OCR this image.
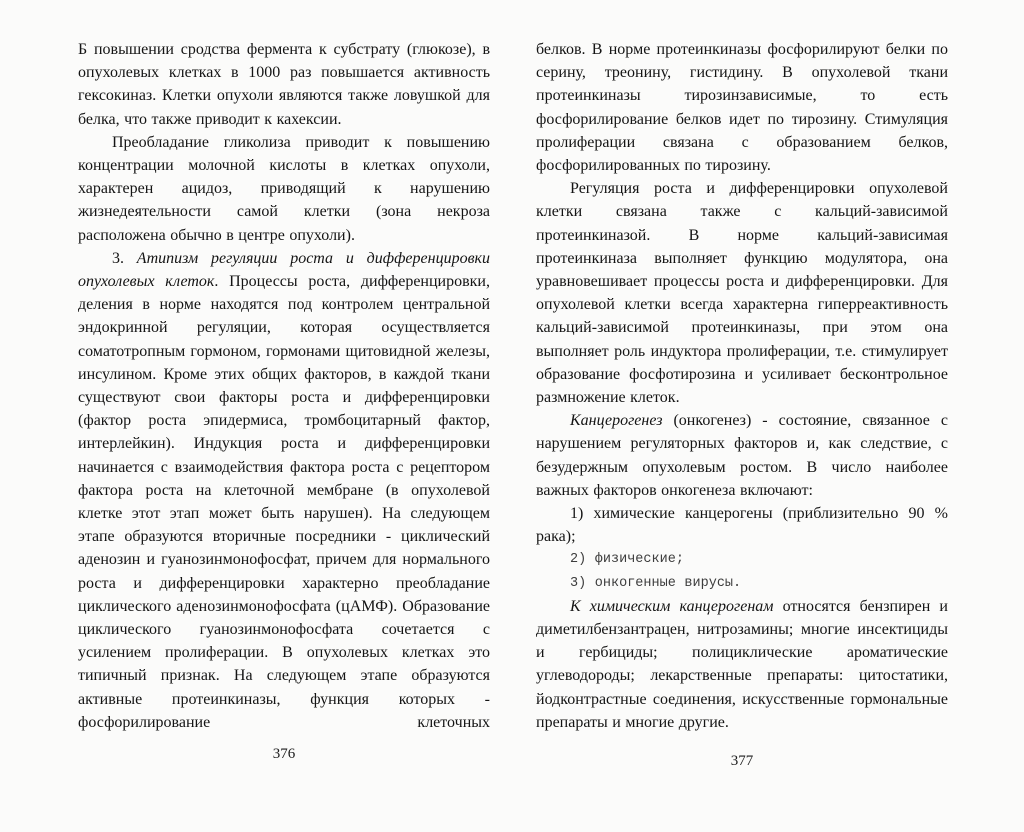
Б повышении сродства фермента к субстрату (глюкозе), в опухолевых клетках в 1000 раз повышается активность гексокиназ. Клетки опухоли являются также ловушкой для белка, что также приводит к кахексии.

Преобладание гликолиза приводит к повышению концентрации молочной кислоты в клетках опухоли, характерен ацидоз, приводящий к нарушению жизнедеятельности самой клетки (зона некроза расположена обычно в центре опухоли).

3. Атипизм регуляции роста и дифференцировки опухолевых клеток. Процессы роста, дифференцировки, деления в норме находятся под контролем центральной эндокринной регуляции, которая осуществляется соматотропным гормоном, гормонами щитовидной железы, инсулином. Кроме этих общих факторов, в каждой ткани существуют свои факторы роста и дифференцировки (фактор роста эпидермиса, тромбоцитарный фактор, интерлейкин). Индукция роста и дифференцировки начинается с взаимодействия фактора роста с рецептором фактора роста на клеточной мембране (в опухолевой клетке этот этап может быть нарушен). На следующем этапе образуются вторичные посредники - циклический аденозин и гуанозинмонофосфат, причем для нормального роста и дифференцировки характерно преобладание циклического аденозинмонофосфата (цАМФ). Образование циклического гуанозинмонофосфата сочетается с усилением пролиферации. В опухолевых клетках это типичный признак. На следующем этапе образуются активные протеинкиназы, функция которых - фосфорилирование клеточных

376

белков. В норме протеинкиназы фосфорилируют белки по серину, треонину, гистидину. В опухолевой ткани протеинкиназы тирозинзависимые, то есть фосфорилирование белков идет по тирозину. Стимуляция пролиферации связана с образованием белков, фосфорилированных по тирозину.

Регуляция роста и дифференцировки опухолевой клетки связана также с кальций-зависимой протеинкиназой. В норме кальций-зависимая протеинкиназа выполняет функцию модулятора, она уравновешивает процессы роста и дифференцировки. Для опухолевой клетки всегда характерна гиперреактивность кальций-зависимой протеинкиназы, при этом она выполняет роль индуктора пролиферации, т.е. стимулирует образование фосфотирозина и усиливает бесконтрольное размножение клеток.

Канцерогенез (онкогенез) - состояние, связанное с нарушением регуляторных факторов и, как следствие, с безудержным опухолевым ростом. В число наиболее важных факторов онкогенеза включают:

1) химические канцерогены (приблизительно 90 % рака);

2) физические;

3) онкогенные вирусы.

К химическим канцерогенам относятся бензпирен и диметилбензантрацен, нитрозамины; многие инсектициды и гербициды; полициклические ароматические углеводороды; лекарственные препараты: цитостатики, йодконтрастные соединения, искусственные гормональные препараты и многие другие.

377
